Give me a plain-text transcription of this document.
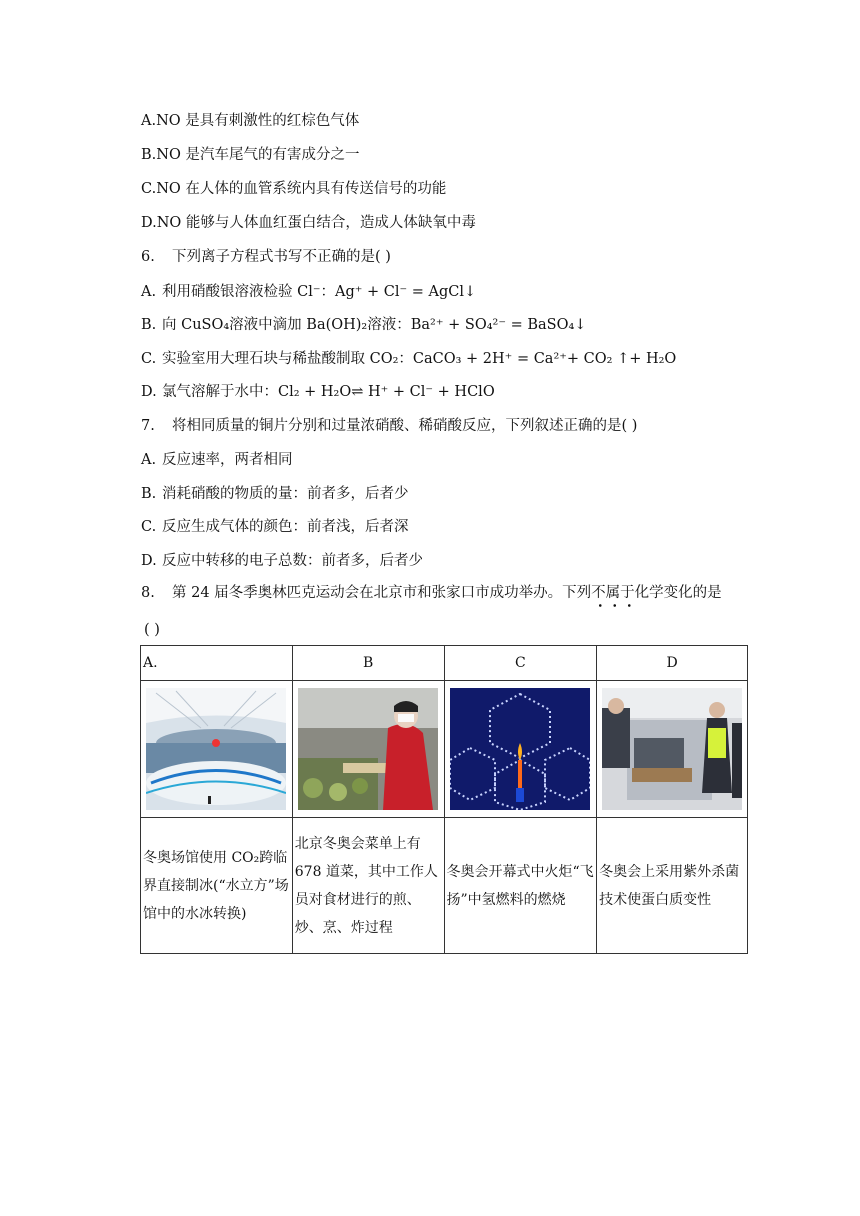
A.NO 是具有刺激性的红棕色气体
B.NO 是汽车尾气的有害成分之一
C.NO 在人体的血管系统内具有传送信号的功能
D.NO 能够与人体血红蛋白结合，造成人体缺氧中毒
6. 下列离子方程式书写不正确的是( )
A. 利用硝酸银溶液检验 Cl⁻：Ag⁺ + Cl⁻ = AgCl↓
B. 向 CuSO₄溶液中滴加 Ba(OH)₂溶液：Ba²⁺ + SO₄²⁻ = BaSO₄↓
C. 实验室用大理石块与稀盐酸制取 CO₂：CaCO₃ + 2H⁺ = Ca²⁺+ CO₂ ↑+ H₂O
D. 氯气溶解于水中：Cl₂ + H₂O⇌ H⁺ + Cl⁻ + HClO
7. 将相同质量的铜片分别和过量浓硝酸、稀硝酸反应，下列叙述正确的是( )
A. 反应速率，两者相同
B. 消耗硝酸的物质的量：前者多，后者少
C. 反应生成气体的颜色：前者浅，后者深
D. 反应中转移的电子总数：前者多，后者少
8. 第 24 届冬季奥林匹克运动会在北京市和张家口市成功举办。下列不属于化学变化的是
( )
A.	B	C	D

冬奥场馆使用 CO₂跨临界直接制冰(“水立方”场馆中的水冰转换)	北京冬奥会菜单上有 678 道菜，其中工作人员对食材进行的煎、炒、烹、炸过程	冬奥会开幕式中火炬“飞扬”中氢燃料的燃烧	冬奥会上采用紫外杀菌技术使蛋白质变性
